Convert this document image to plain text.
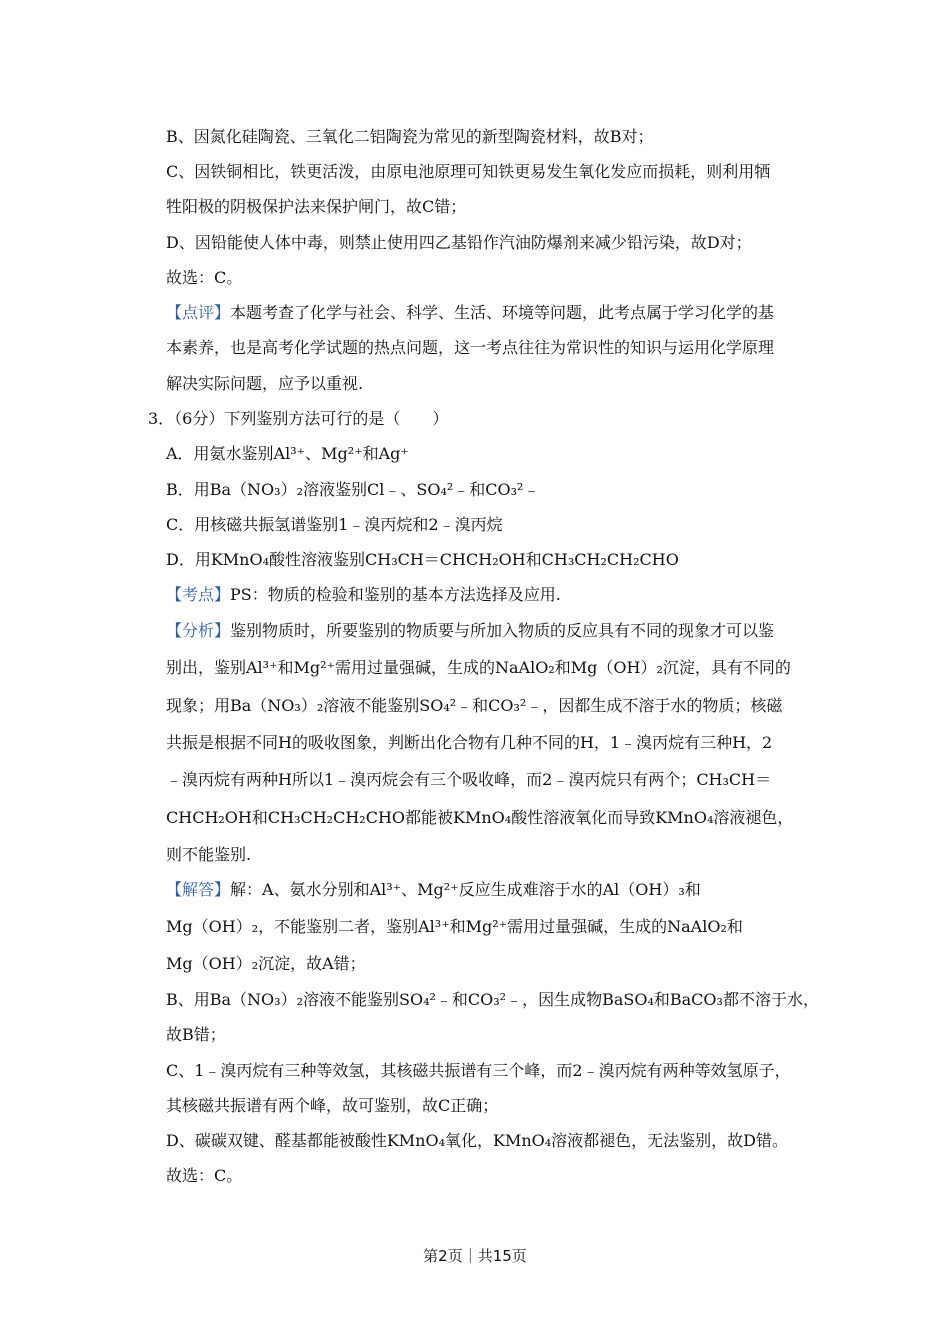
B、因氮化硅陶瓷、三氧化二铝陶瓷为常见的新型陶瓷材料，故B对；
C、因铁铜相比，铁更活泼，由原电池原理可知铁更易发生氧化发应而损耗，则利用牺
牲阳极的阴极保护法来保护闸门，故C错；
D、因铅能使人体中毒，则禁止使用四乙基铅作汽油防爆剂来减少铅污染，故D对；
故选：C。
【点评】本题考查了化学与社会、科学、生活、环境等问题，此考点属于学习化学的基
本素养，也是高考化学试题的热点问题，这一考点往往为常识性的知识与运用化学原理
解决实际问题，应予以重视.
3．（6分）下列鉴别方法可行的是（　　）
A．用氨水鉴别Al³⁺、Mg²⁺和Ag⁺
B．用Ba（NO₃）₂溶液鉴别Cl﹣、SO₄²﹣和CO₃²﹣
C．用核磁共振氢谱鉴别1﹣溴丙烷和2﹣溴丙烷
D．用KMnO₄酸性溶液鉴别CH₃CH＝CHCH₂OH和CH₃CH₂CH₂CHO
【考点】PS：物质的检验和鉴别的基本方法选择及应用.
【分析】鉴别物质时，所要鉴别的物质要与所加入物质的反应具有不同的现象才可以鉴
别出，鉴别Al³⁺和Mg²⁺需用过量强碱，生成的NaAlO₂和Mg（OH）₂沉淀，具有不同的
现象；用Ba（NO₃）₂溶液不能鉴别SO₄²﹣和CO₃²﹣，因都生成不溶于水的物质；核磁
共振是根据不同H的吸收图象，判断出化合物有几种不同的H，1﹣溴丙烷有三种H，2
﹣溴丙烷有两种H所以1﹣溴丙烷会有三个吸收峰，而2﹣溴丙烷只有两个；CH₃CH＝
CHCH₂OH和CH₃CH₂CH₂CHO都能被KMnO₄酸性溶液氧化而导致KMnO₄溶液褪色，
则不能鉴别.
【解答】解：A、氨水分别和Al³⁺、Mg²⁺反应生成难溶于水的Al（OH）₃和
Mg（OH）₂，不能鉴别二者，鉴别Al³⁺和Mg²⁺需用过量强碱，生成的NaAlO₂和
Mg（OH）₂沉淀，故A错；
B、用Ba（NO₃）₂溶液不能鉴别SO₄²﹣和CO₃²﹣，因生成物BaSO₄和BaCO₃都不溶于水，
故B错；
C、1﹣溴丙烷有三种等效氢，其核磁共振谱有三个峰，而2﹣溴丙烷有两种等效氢原子，
其核磁共振谱有两个峰，故可鉴别，故C正确；
D、碳碳双键、醛基都能被酸性KMnO₄氧化，KMnO₄溶液都褪色，无法鉴别，故D错。
故选：C。
第2页｜共15页
